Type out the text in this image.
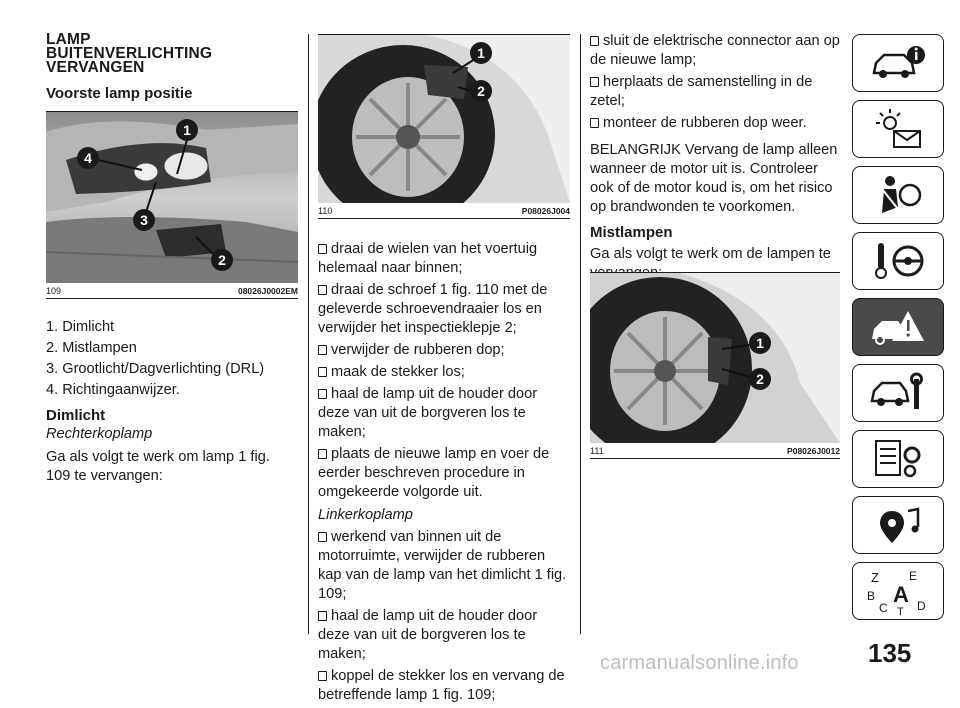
LAMP
BUITENVERLICHTING
VERVANGEN

Voorste lamp positie

1
4
3
2
109	08026J0002EM

1. Dimlicht

2. Mistlampen

3. Grootlicht/Dagverlichting (DRL)

4. Richtingaanwijzer.

Dimlicht

Rechterkoplamp

Ga als volgt te werk om lamp 1 fig. 109 te vervangen:

1
2
110	P08026J004

draai de wielen van het voertuig helemaal naar binnen;

draai de schroef 1 fig. 110 met de geleverde schroevendraaier los en verwijder het inspectieklepje 2;

verwijder de rubberen dop;

maak de stekker los;

haal de lamp uit de houder door deze van uit de borgveren los te maken;

plaats de nieuwe lamp en voer de eerder beschreven procedure in omgekeerde volgorde uit.

Linkerkoplamp

werkend van binnen uit de motorruimte, verwijder de rubberen kap van de lamp van het dimlicht 1 fig. 109;

haal de lamp uit de houder door deze van uit de borgveren los te maken;

koppel de stekker los en vervang de betreffende lamp 1 fig. 109;

sluit de elektrische connector aan op de nieuwe lamp;

herplaats de samenstelling in de zetel;

monteer de rubberen dop weer.

BELANGRIJK Vervang de lamp alleen wanneer de motor uit is. Controleer ook of de motor koud is, om het risico op brandwonden te voorkomen.

Mistlampen

Ga als volgt te werk om de lampen te

1
2
111	P08026J0012
Z	E
B A
C T D
135
carmanualsonline.info
